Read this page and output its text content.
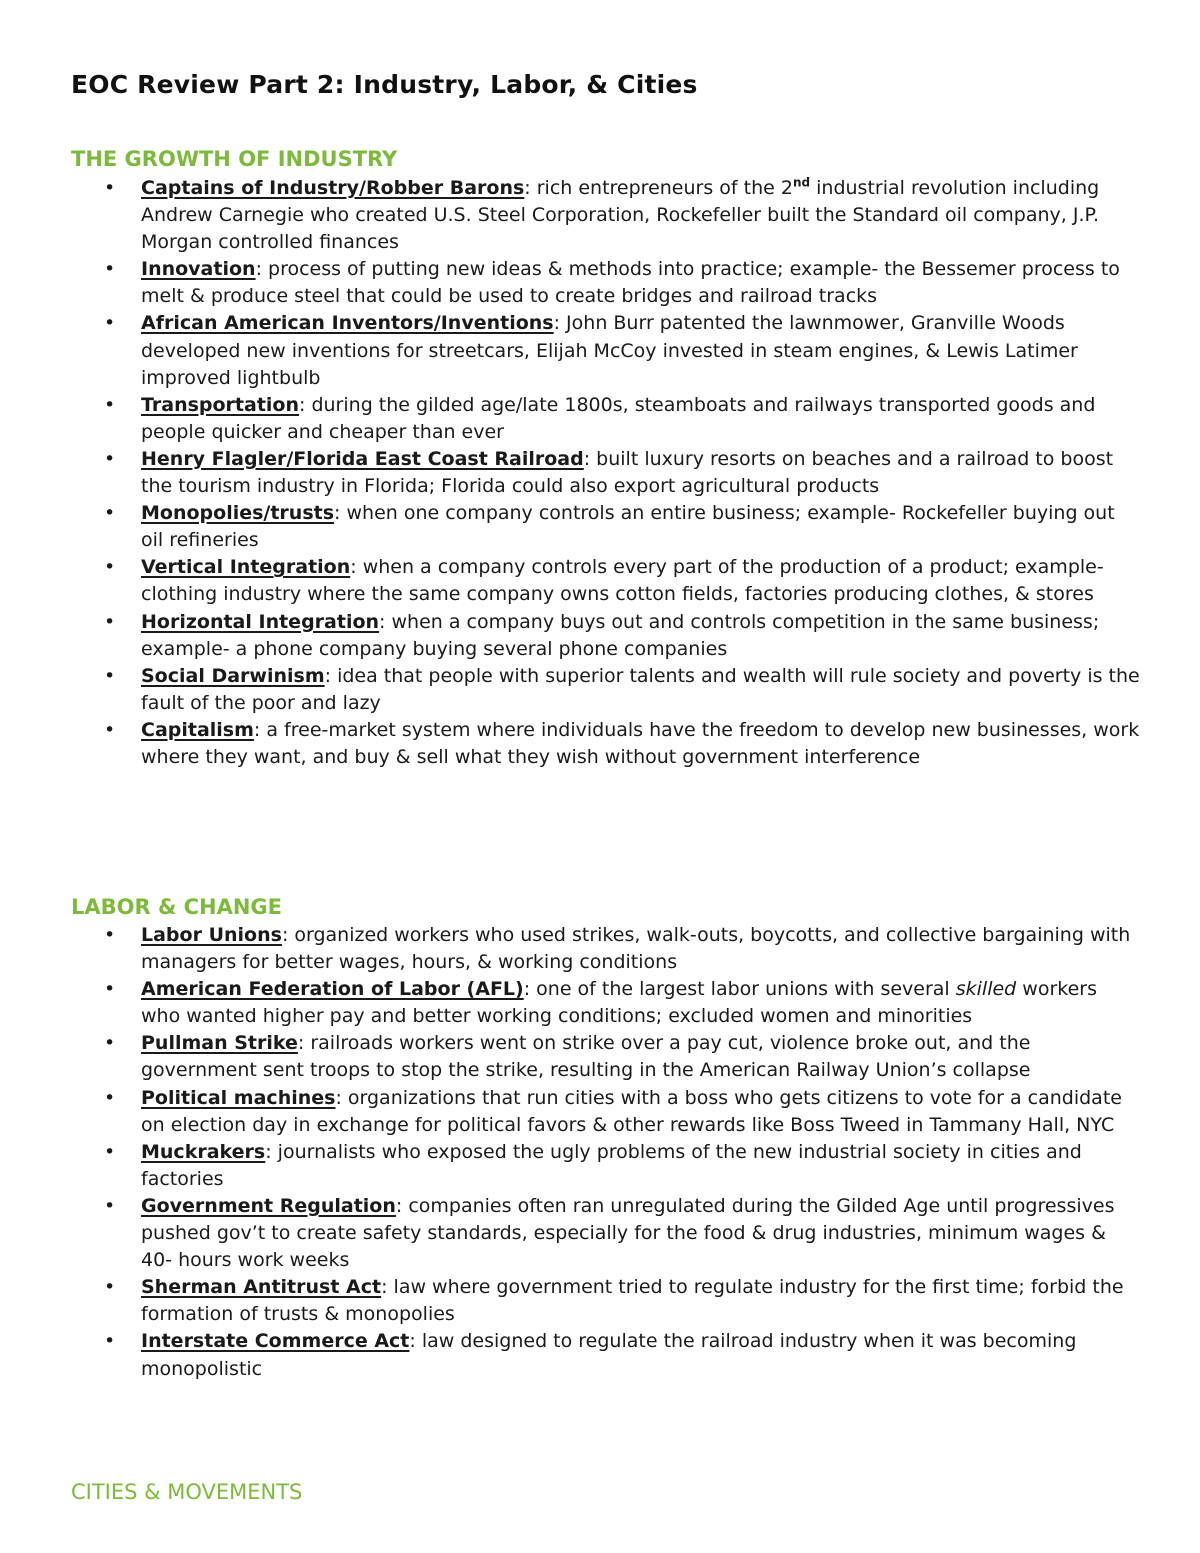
EOC Review Part 2: Industry, Labor, & Cities
THE GROWTH OF INDUSTRY
• Captains of Industry/Robber Barons: rich entrepreneurs of the 2nd industrial revolution including Andrew Carnegie who created U.S. Steel Corporation, Rockefeller built the Standard oil company, J.P. Morgan controlled finances
• Innovation: process of putting new ideas & methods into practice; example- the Bessemer process to melt & produce steel that could be used to create bridges and railroad tracks
• African American Inventors/Inventions: John Burr patented the lawnmower, Granville Woods developed new inventions for streetcars, Elijah McCoy invested in steam engines, & Lewis Latimer improved lightbulb
• Transportation: during the gilded age/late 1800s, steamboats and railways transported goods and people quicker and cheaper than ever
• Henry Flagler/Florida East Coast Railroad: built luxury resorts on beaches and a railroad to boost the tourism industry in Florida; Florida could also export agricultural products
• Monopolies/trusts: when one company controls an entire business; example- Rockefeller buying out oil refineries
• Vertical Integration: when a company controls every part of the production of a product; example- clothing industry where the same company owns cotton fields, factories producing clothes, & stores
• Horizontal Integration: when a company buys out and controls competition in the same business; example- a phone company buying several phone companies
• Social Darwinism: idea that people with superior talents and wealth will rule society and poverty is the fault of the poor and lazy
• Capitalism: a free-market system where individuals have the freedom to develop new businesses, work where they want, and buy & sell what they wish without government interference
LABOR & CHANGE
• Labor Unions: organized workers who used strikes, walk-outs, boycotts, and collective bargaining with managers for better wages, hours, & working conditions
• American Federation of Labor (AFL): one of the largest labor unions with several skilled workers who wanted higher pay and better working conditions; excluded women and minorities
• Pullman Strike: railroads workers went on strike over a pay cut, violence broke out, and the government sent troops to stop the strike, resulting in the American Railway Union’s collapse
• Political machines: organizations that run cities with a boss who gets citizens to vote for a candidate on election day in exchange for political favors & other rewards like Boss Tweed in Tammany Hall, NYC
• Muckrakers: journalists who exposed the ugly problems of the new industrial society in cities and factories
• Government Regulation: companies often ran unregulated during the Gilded Age until progressives pushed gov’t to create safety standards, especially for the food & drug industries, minimum wages & 40- hours work weeks
• Sherman Antitrust Act: law where government tried to regulate industry for the first time; forbid the formation of trusts & monopolies
• Interstate Commerce Act: law designed to regulate the railroad industry when it was becoming monopolistic
CITIES & MOVEMENTS
